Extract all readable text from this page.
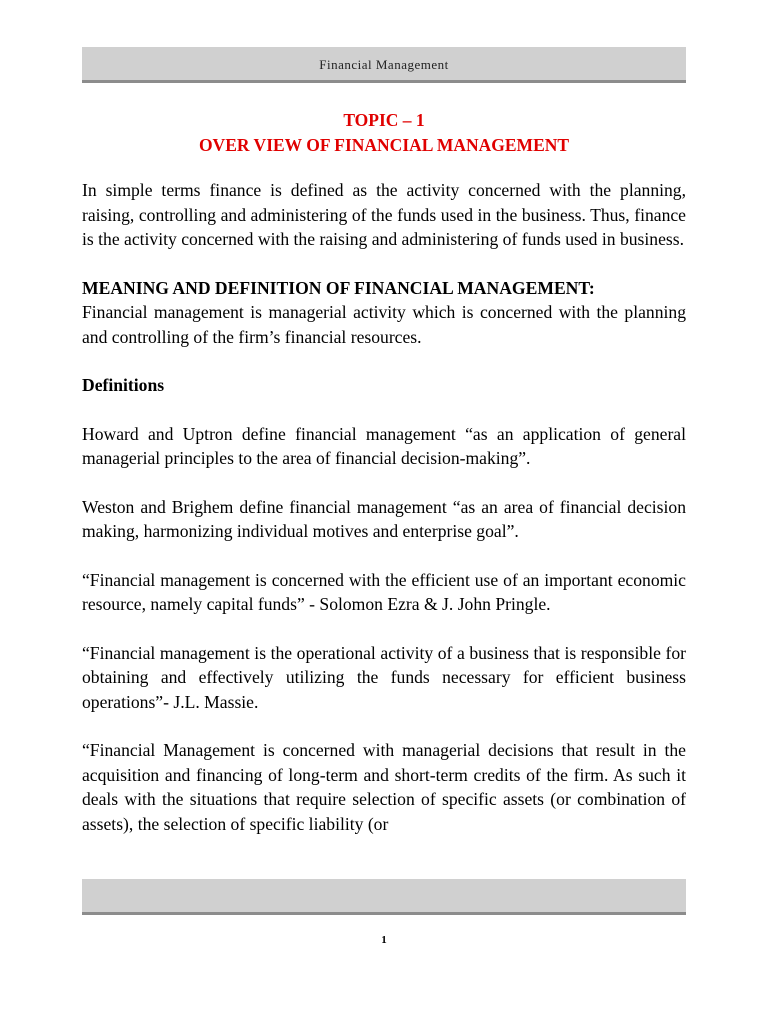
Financial Management
TOPIC – 1
OVER VIEW OF FINANCIAL MANAGEMENT

In simple terms finance is defined as the activity concerned with the planning, raising, controlling and administering of the funds used in the business. Thus, finance is the activity concerned with the raising and administering of funds used in business.

MEANING AND DEFINITION OF FINANCIAL MANAGEMENT:

Financial management is managerial activity which is concerned with the planning and controlling of the firm’s financial resources.

Definitions

Howard and Uptron define financial management “as an application of general managerial principles to the area of financial decision-making”.

Weston and Brighem define financial management “as an area of financial decision making, harmonizing individual motives and enterprise goal”.

“Financial management is concerned with the efficient use of an important economic resource, namely capital funds” - Solomon Ezra & J. John Pringle.

“Financial management is the operational activity of a business that is responsible for obtaining and effectively utilizing the funds necessary for efficient business operations”- J.L. Massie.

“Financial Management is concerned with managerial decisions that result in the acquisition and financing of long-term and short-term credits of the firm. As such it deals with the situations that require selection of specific assets (or combination of assets), the selection of specific liability (or

1
